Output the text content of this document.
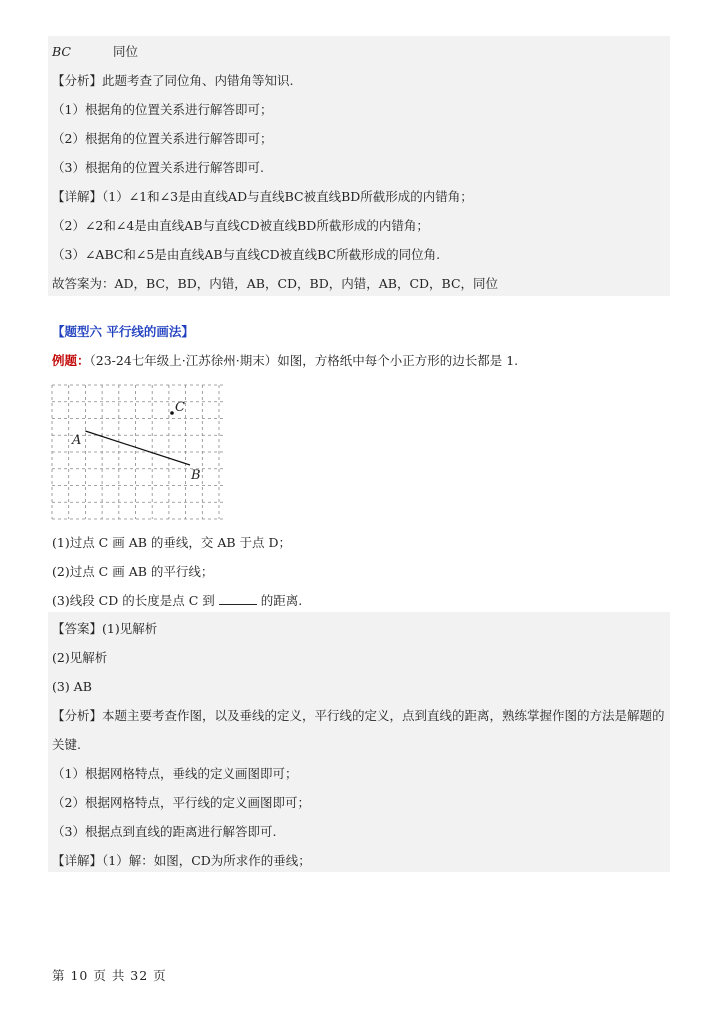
BC	同位
【分析】此题考查了同位角、内错角等知识.
（1）根据角的位置关系进行解答即可；
（2）根据角的位置关系进行解答即可；
（3）根据角的位置关系进行解答即可.
【详解】（1）∠1和∠3是由直线AD与直线BC被直线BD所截形成的内错角；
（2）∠2和∠4是由直线AB与直线CD被直线BD所截形成的内错角；
（3）∠ABC和∠5是由直线AB与直线CD被直线BC所截形成的同位角.
故答案为：AD，BC，BD，内错，AB，CD，BD，内错，AB，CD，BC，同位
【题型六 平行线的画法】
例题：（23-24七年级上·江苏徐州·期末）如图，方格纸中每个小正方形的边长都是 1.
C
A
B
(1)过点 C 画 AB 的垂线，交 AB 于点 D；
(2)过点 C 画 AB 的平行线；
(3)线段 CD 的长度是点 C 到	的距离.
【答案】(1)见解析
(2)见解析
(3) AB
【分析】本题主要考查作图，以及垂线的定义，平行线的定义，点到直线的距离，熟练掌握作图的方法是解题的
关键.
（1）根据网格特点，垂线的定义画图即可；
（2）根据网格特点，平行线的定义画图即可；
（3）根据点到直线的距离进行解答即可.
【详解】（1）解：如图，CD为所求作的垂线；
第 10 页 共 32 页
